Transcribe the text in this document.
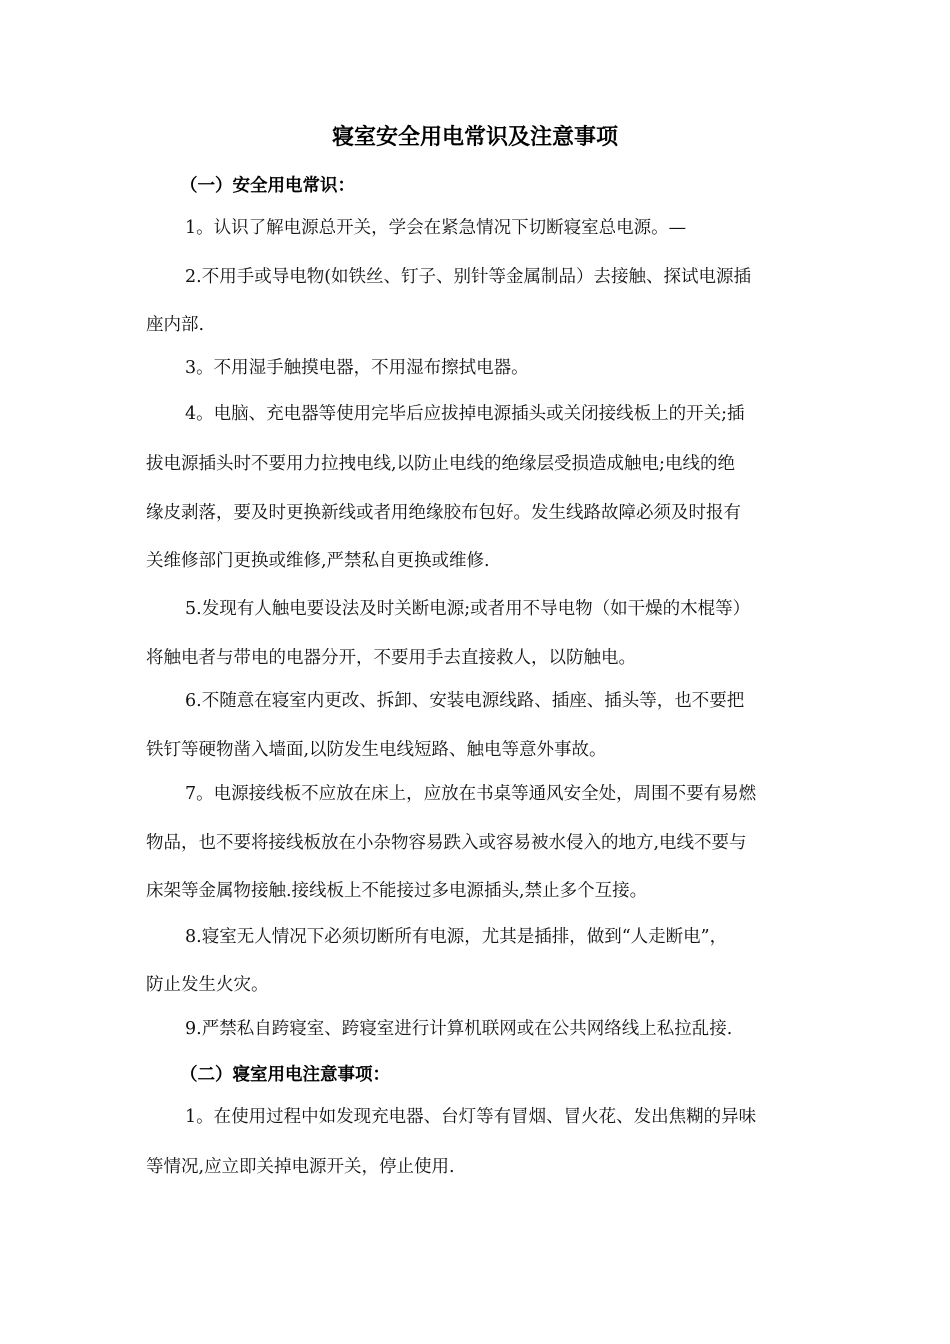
寝室安全用电常识及注意事项
（一）安全用电常识：
1。认识了解电源总开关，学会在紧急情况下切断寝室总电源。—
2.不用手或导电物(如铁丝、钉子、别针等金属制品）去接触、探试电源插
座内部.
3。不用湿手触摸电器，不用湿布擦拭电器。
4。电脑、充电器等使用完毕后应拔掉电源插头或关闭接线板上的开关;插
拔电源插头时不要用力拉拽电线,以防止电线的绝缘层受损造成触电;电线的绝
缘皮剥落，要及时更换新线或者用绝缘胶布包好。发生线路故障必须及时报有
关维修部门更换或维修,严禁私自更换或维修.
5.发现有人触电要设法及时关断电源;或者用不导电物（如干燥的木棍等）
将触电者与带电的电器分开，不要用手去直接救人，以防触电。
6.不随意在寝室内更改、拆卸、安装电源线路、插座、插头等，也不要把
铁钉等硬物凿入墙面,以防发生电线短路、触电等意外事故。
7。电源接线板不应放在床上，应放在书桌等通风安全处，周围不要有易燃
物品，也不要将接线板放在小杂物容易跌入或容易被水侵入的地方,电线不要与
床架等金属物接触.接线板上不能接过多电源插头,禁止多个互接。
8.寝室无人情况下必须切断所有电源，尤其是插排，做到“人走断电”，
防止发生火灾。
9.严禁私自跨寝室、跨寝室进行计算机联网或在公共网络线上私拉乱接.
（二）寝室用电注意事项：
1。在使用过程中如发现充电器、台灯等有冒烟、冒火花、发出焦糊的异味
等情况,应立即关掉电源开关，停止使用.
